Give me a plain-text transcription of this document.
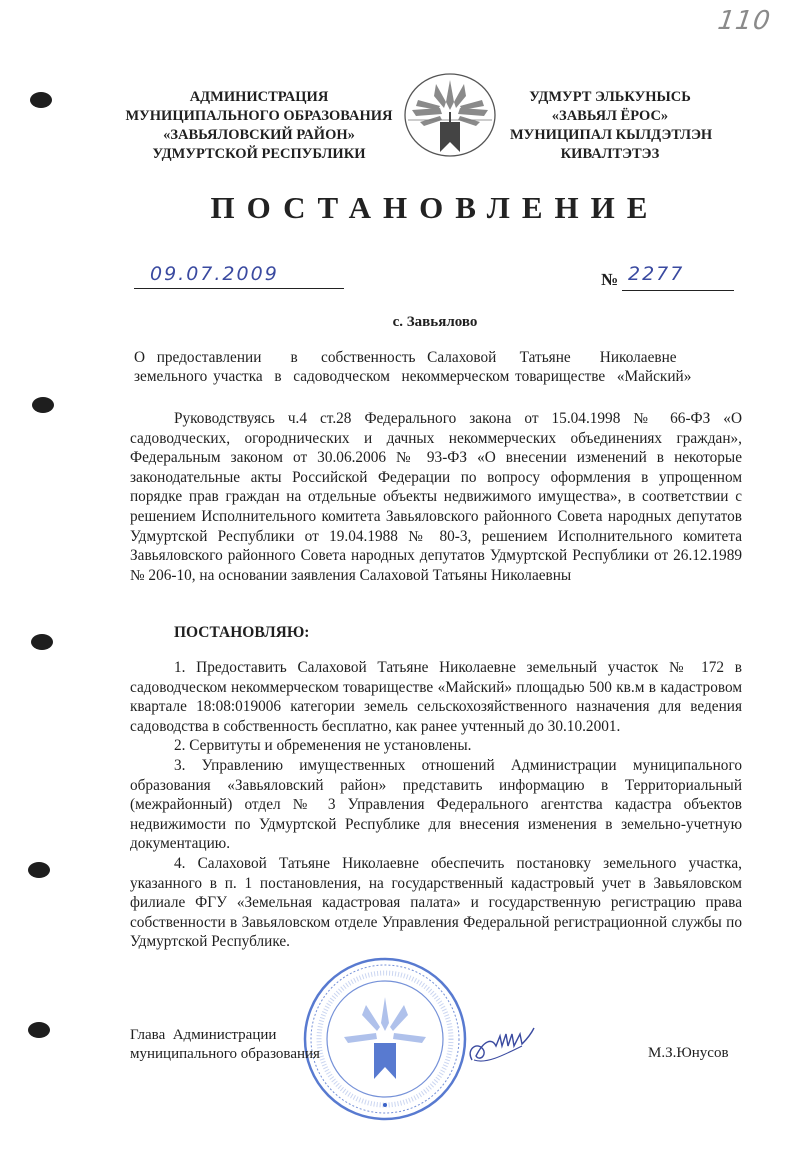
110
АДМИНИСТРАЦИЯ
МУНИЦИПАЛЬНОГО ОБРАЗОВАНИЯ
«ЗАВЬЯЛОВСКИЙ РАЙОН»
УДМУРТСКОЙ РЕСПУБЛИКИ
УДМУРТ ЭЛЬКУНЫСЬ
«ЗАВЬЯЛ ЁРОС»
МУНИЦИПАЛ КЫЛДЭТЛЭН
КИВАЛТЭТЭЗ
ПОСТАНОВЛЕНИЕ
09.07.2009	№ 2277
с. Завьялово
О  предоставлении     в    собственность  Салаховой    Татьяне     Николаевне
земельного участка  в  садоводческом  некоммерческом товариществе  «Майский»
Руководствуясь ч.4 ст.28 Федерального закона от 15.04.1998 № 66-ФЗ «О садоводческих, огороднических и дачных некоммерческих объединениях граждан», Федеральным законом от 30.06.2006 № 93-ФЗ «О внесении изменений в некоторые законодательные акты Российской Федерации по вопросу оформления в упрощенном порядке прав граждан на отдельные объекты недвижимого имущества», в соответствии с решением Исполнительного комитета Завьяловского районного Совета народных депутатов Удмуртской Республики от 19.04.1988 № 80-3, решением Исполнительного комитета Завьяловского районного Совета народных депутатов Удмуртской Республики от 26.12.1989 № 206-10, на основании заявления Салаховой Татьяны Николаевны
ПОСТАНОВЛЯЮ:

1. Предоставить Салаховой Татьяне Николаевне земельный участок № 172 в садоводческом некоммерческом товариществе «Майский» площадью 500 кв.м в кадастровом квартале 18:08:019006 категории земель сельскохозяйственного назначения для ведения садоводства в собственность бесплатно, как ранее учтенный до 30.10.2001.

2. Сервитуты и обременения не установлены.

3. Управлению имущественных отношений Администрации муниципального образования «Завьяловский район» представить информацию в Территориальный (межрайонный) отдел № 3 Управления Федерального агентства кадастра объектов недвижимости по Удмуртской Республике для внесения изменения в земельно-учетную документацию.

4. Салаховой Татьяне Николаевне обеспечить постановку земельного участка, указанного в п. 1 постановления, на государственный кадастровый учет в Завьяловском филиале ФГУ «Земельная кадастровая палата» и государственную регистрацию права собственности в Завьяловском отделе Управления Федеральной регистрационной службы по Удмуртской Республике.

Глава  Администрации
муниципального образования	М.З.Юнусов
